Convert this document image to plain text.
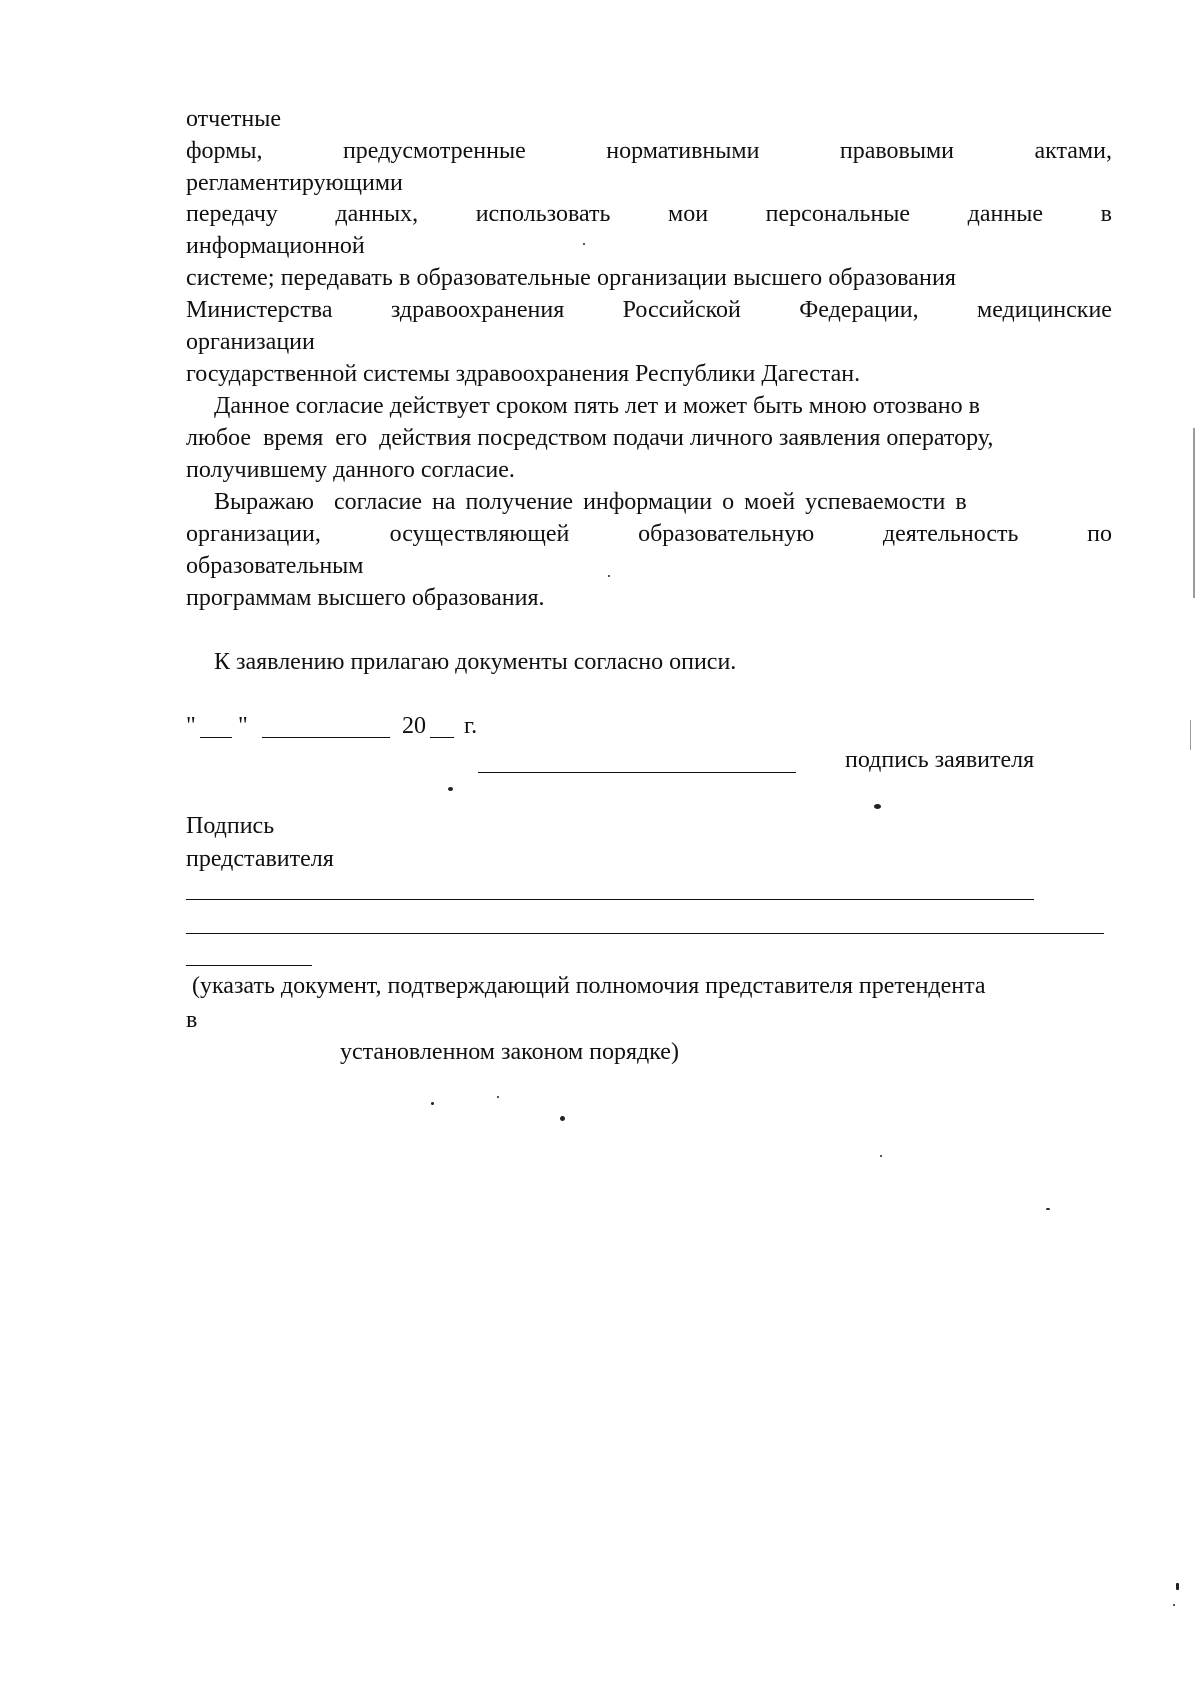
отчетные
формы,	предусмотренные	нормативными	правовыми	актами,
регламентирующими
передачу данных, использовать мои персональные данные в
информационной
системе; передавать в образовательные организации высшего образования
Министерства здравоохранения Российской Федерации, медицинские
организации
государственной системы здравоохранения Республики Дагестан.
Данное согласие действует сроком пять лет и может быть мною отозвано в
любое  время  его  действия посредством подачи личного заявления оператору,
получившему данного согласие.
Выражаю  согласие на получение информации о моей успеваемости в
организации,	осуществляющей	образовательную	деятельность	по
образовательным
программам высшего образования.
К заявлению прилагаю документы согласно описи.
" "	20 г.
подпись заявителя
Подпись
представителя
(указать документ, подтверждающий полномочия представителя претендента
в
установленном законом порядке)
